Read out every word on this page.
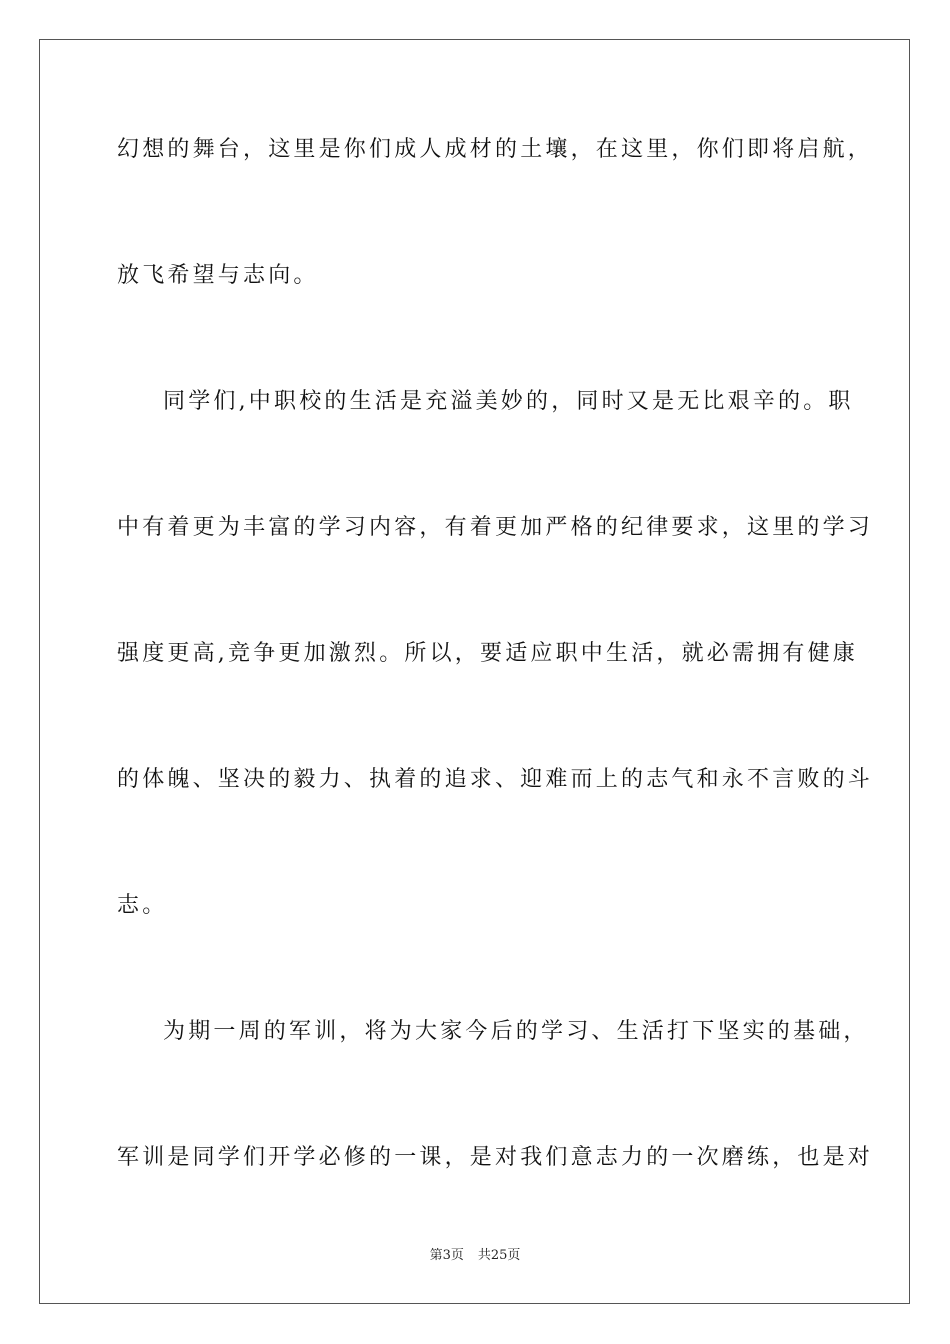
幻想的舞台，这里是你们成人成材的土壤，在这里，你们即将启航，
放飞希望与志向。
同学们,中职校的生活是充溢美妙的，同时又是无比艰辛的。职
中有着更为丰富的学习内容，有着更加严格的纪律要求，这里的学习
强度更高,竞争更加激烈。所以，要适应职中生活，就必需拥有健康
的体魄、坚决的毅力、执着的追求、迎难而上的志气和永不言败的斗
志。
为期一周的军训，将为大家今后的学习、生活打下坚实的基础，
军训是同学们开学必修的一课，是对我们意志力的一次磨练，也是对
第3页 共25页
